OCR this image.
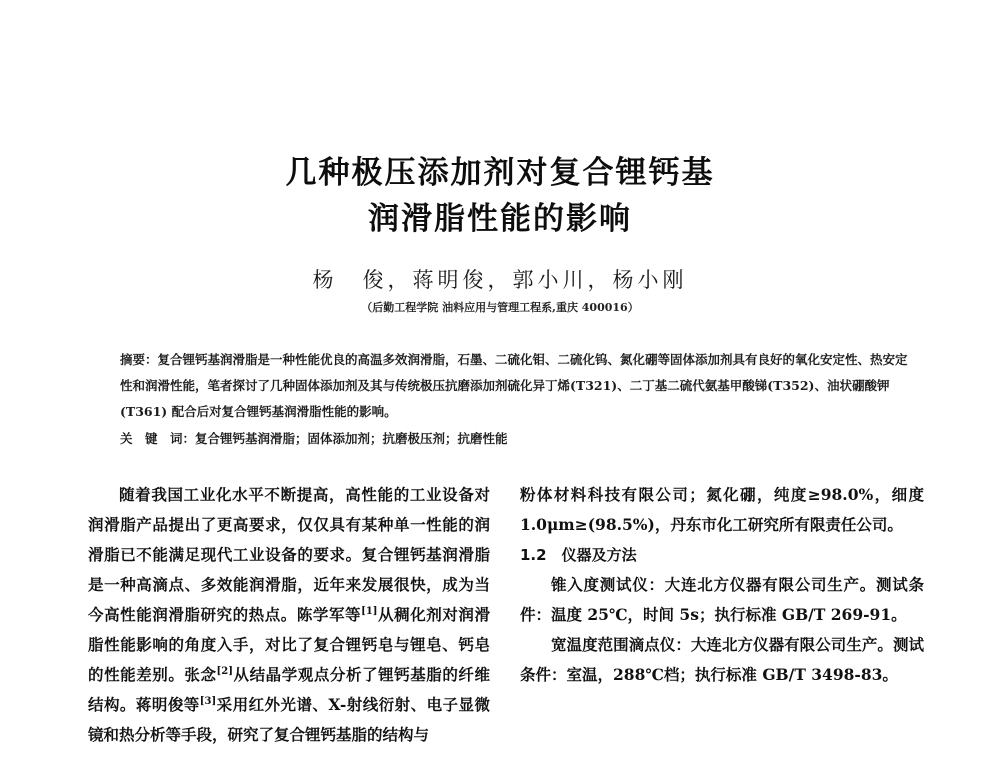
几种极压添加剂对复合锂钙基
润滑脂性能的影响
杨　俊，蒋明俊，郭小川，杨小刚
（后勤工程学院 油料应用与管理工程系,重庆 400016）
摘要：复合锂钙基润滑脂是一种性能优良的高温多效润滑脂，石墨、二硫化钼、二硫化钨、氮化硼等固体添加剂具有良好的氧化安定性、热安定性和润滑性能，笔者探讨了几种固体添加剂及其与传统极压抗磨添加剂硫化异丁烯(T321)、二丁基二硫代氨基甲酸锑(T352)、油状硼酸钾(T361) 配合后对复合锂钙基润滑脂性能的影响。
关　键　词：复合锂钙基润滑脂；固体添加剂；抗磨极压剂；抗磨性能

随着我国工业化水平不断提高，高性能的工业设备对润滑脂产品提出了更高要求，仅仅具有某种单一性能的润滑脂已不能满足现代工业设备的要求。复合锂钙基润滑脂是一种高滴点、多效能润滑脂，近年来发展很快，成为当今高性能润滑脂研究的热点。陈学军等[1]从稠化剂对润滑脂性能影响的角度入手，对比了复合锂钙皂与锂皂、钙皂的性能差别。张念[2]从结晶学观点分析了锂钙基脂的纤维结构。蒋明俊等[3]采用红外光谱、X-射线衍射、电子显微镜和热分析等手段，研究了复合锂钙基脂的结构与

粉体材料科技有限公司；氮化硼，纯度≥98.0%，细度 1.0μm≥(98.5%)，丹东市化工研究所有限责任公司。

1.2　仪器及方法

锥入度测试仪：大连北方仪器有限公司生产。测试条件：温度 25℃，时间 5s；执行标准 GB/T 269-91。

宽温度范围滴点仪：大连北方仪器有限公司生产。测试条件：室温，288℃档；执行标准 GB/T 3498-83。
